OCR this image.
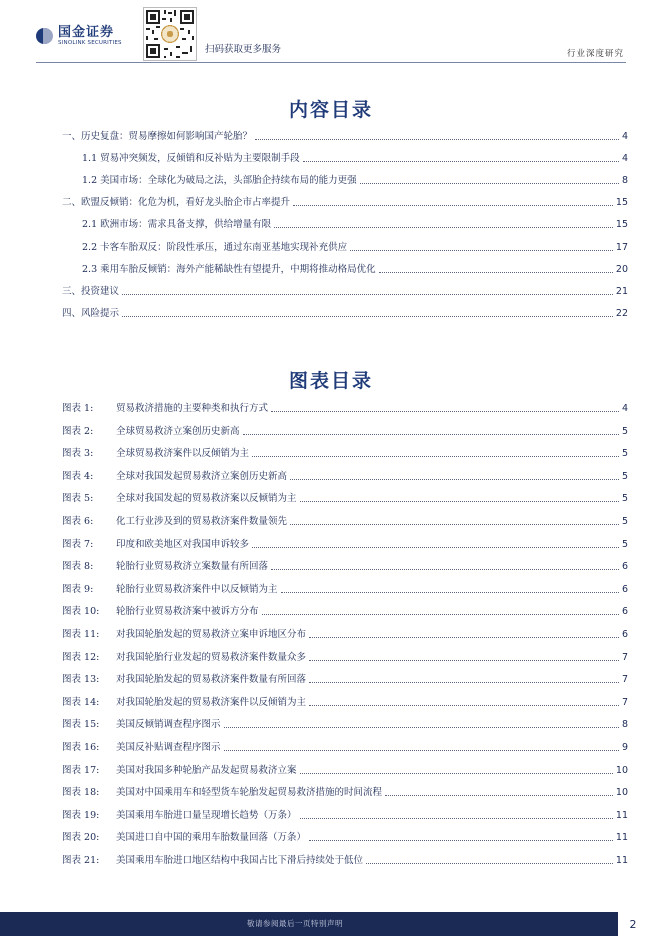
国金证券
SINOLINK SECURITIES
扫码获取更多服务	行业深度研究
内容目录
一、历史复盘：贸易摩擦如何影响国产轮胎？	4
1.1 贸易冲突频发，反倾销和反补贴为主要限制手段	4
1.2 美国市场：全球化为破局之法，头部胎企持续布局的能力更强	8
二、欧盟反倾销：化危为机，看好龙头胎企市占率提升	15
2.1 欧洲市场：需求具备支撑，供给增量有限	15
2.2 卡客车胎双反：阶段性承压，通过东南亚基地实现补充供应	17
2.3 乘用车胎反倾销：海外产能稀缺性有望提升，中期将推动格局优化	20
三、投资建议	21
四、风险提示	22
图表目录
图表 1:	贸易救济措施的主要种类和执行方式	4
图表 2:	全球贸易救济立案创历史新高	5
图表 3:	全球贸易救济案件以反倾销为主	5
图表 4:	全球对我国发起贸易救济立案创历史新高	5
图表 5:	全球对我国发起的贸易救济案以反倾销为主	5
图表 6:	化工行业涉及到的贸易救济案件数量领先	5
图表 7:	印度和欧美地区对我国申诉较多	5
图表 8:	轮胎行业贸易救济立案数量有所回落	6
图表 9:	轮胎行业贸易救济案件中以反倾销为主	6
图表 10:	轮胎行业贸易救济案中被诉方分布	6
图表 11:	对我国轮胎发起的贸易救济立案申诉地区分布	6
图表 12:	对我国轮胎行业发起的贸易救济案件数量众多	7
图表 13:	对我国轮胎发起的贸易救济案件数量有所回落	7
图表 14:	对我国轮胎发起的贸易救济案件以反倾销为主	7
图表 15:	美国反倾销调查程序图示	8
图表 16:	美国反补贴调查程序图示	9
图表 17:	美国对我国多种轮胎产品发起贸易救济立案	10
图表 18:	美国对中国乘用车和轻型货车轮胎发起贸易救济措施的时间流程	10
图表 19:	美国乘用车胎进口量呈现增长趋势（万条）	11
图表 20:	美国进口自中国的乘用车胎数量回落（万条）	11
图表 21:	美国乘用车胎进口地区结构中我国占比下滑后持续处于低位	11
敬请参阅最后一页特别声明	2
